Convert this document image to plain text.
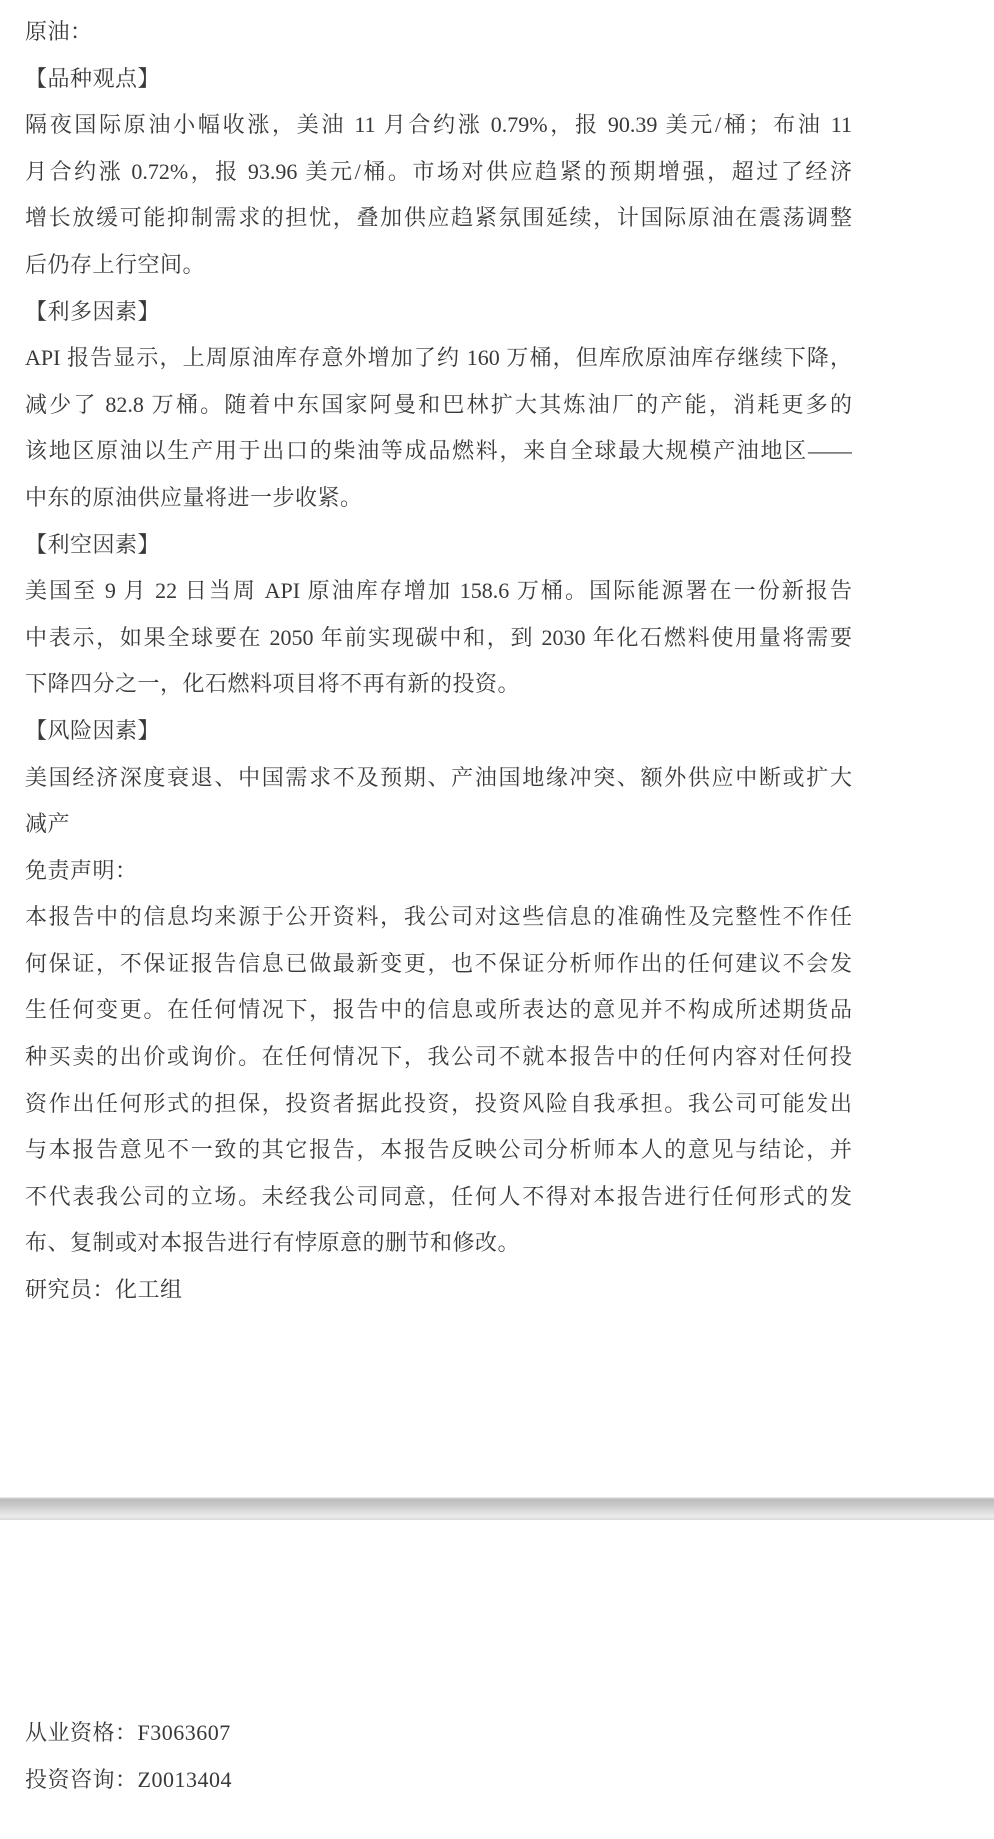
原油：
【品种观点】
隔夜国际原油小幅收涨，美油 11 月合约涨 0.79%，报 90.39 美元/桶；布油 11
月合约涨 0.72%，报 93.96 美元/桶。市场对供应趋紧的预期增强，超过了经济
增长放缓可能抑制需求的担忧，叠加供应趋紧氛围延续，计国际原油在震荡调整
后仍存上行空间。
【利多因素】
API 报告显示，上周原油库存意外增加了约 160 万桶，但库欣原油库存继续下降，
减少了 82.8 万桶。随着中东国家阿曼和巴林扩大其炼油厂的产能，消耗更多的
该地区原油以生产用于出口的柴油等成品燃料，来自全球最大规模产油地区——
中东的原油供应量将进一步收紧。
【利空因素】
美国至 9 月 22 日当周 API 原油库存增加 158.6 万桶。国际能源署在一份新报告
中表示，如果全球要在 2050 年前实现碳中和，到 2030 年化石燃料使用量将需要
下降四分之一，化石燃料项目将不再有新的投资。
【风险因素】
美国经济深度衰退、中国需求不及预期、产油国地缘冲突、额外供应中断或扩大
减产
免责声明：
本报告中的信息均来源于公开资料，我公司对这些信息的准确性及完整性不作任
何保证，不保证报告信息已做最新变更，也不保证分析师作出的任何建议不会发
生任何变更。在任何情况下，报告中的信息或所表达的意见并不构成所述期货品
种买卖的出价或询价。在任何情况下，我公司不就本报告中的任何内容对任何投
资作出任何形式的担保，投资者据此投资，投资风险自我承担。我公司可能发出
与本报告意见不一致的其它报告，本报告反映公司分析师本人的意见与结论，并
不代表我公司的立场。未经我公司同意，任何人不得对本报告进行任何形式的发
布、复制或对本报告进行有悖原意的删节和修改。
研究员：化工组
从业资格：F3063607
投资咨询：Z0013404
